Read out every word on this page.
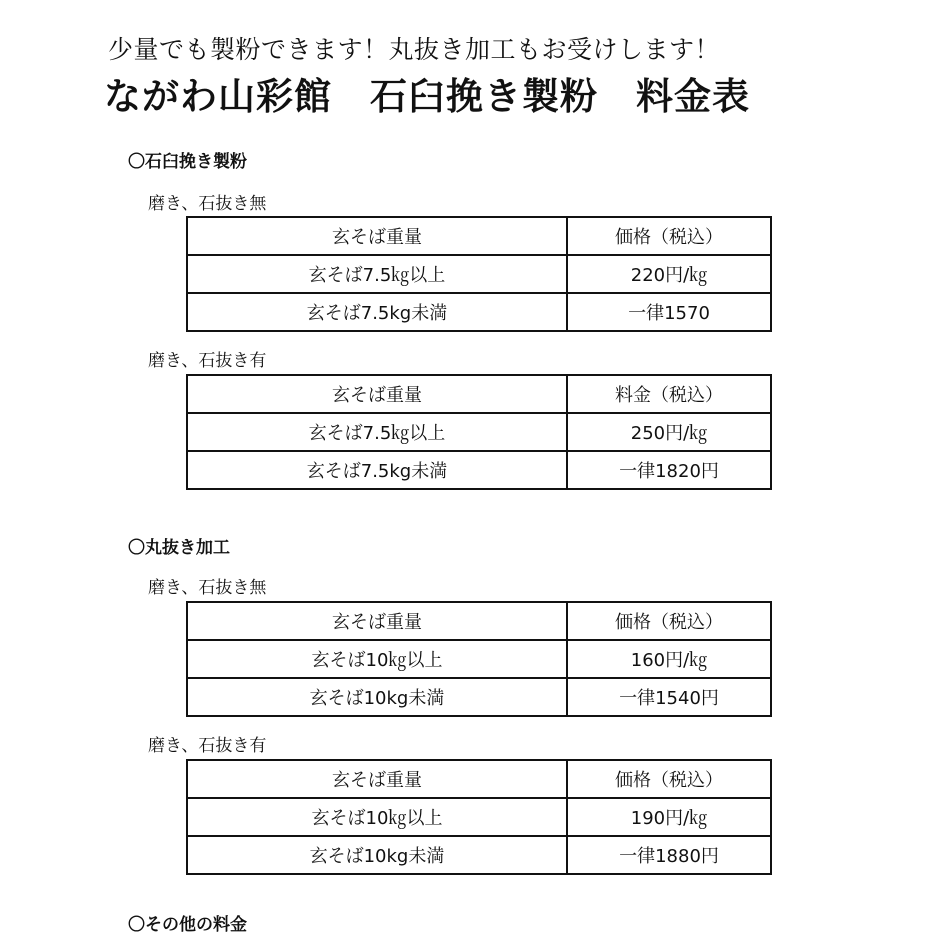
少量でも製粉できます！丸抜き加工もお受けします！
ながわ山彩館　石臼挽き製粉　料金表
〇石臼挽き製粉
磨き、石抜き無
玄そば重量	価格（税込）
玄そば7.5㎏以上	220円/㎏
玄そば7.5kg未満	一律1570
磨き、石抜き有
玄そば重量	料金（税込）
玄そば7.5㎏以上	250円/㎏
玄そば7.5kg未満	一律1820円
〇丸抜き加工
磨き、石抜き無
玄そば重量	価格（税込）
玄そば10㎏以上	160円/㎏
玄そば10kg未満	一律1540円
磨き、石抜き有
玄そば重量	価格（税込）
玄そば10㎏以上	190円/㎏
玄そば10kg未満	一律1880円
〇その他の料金
